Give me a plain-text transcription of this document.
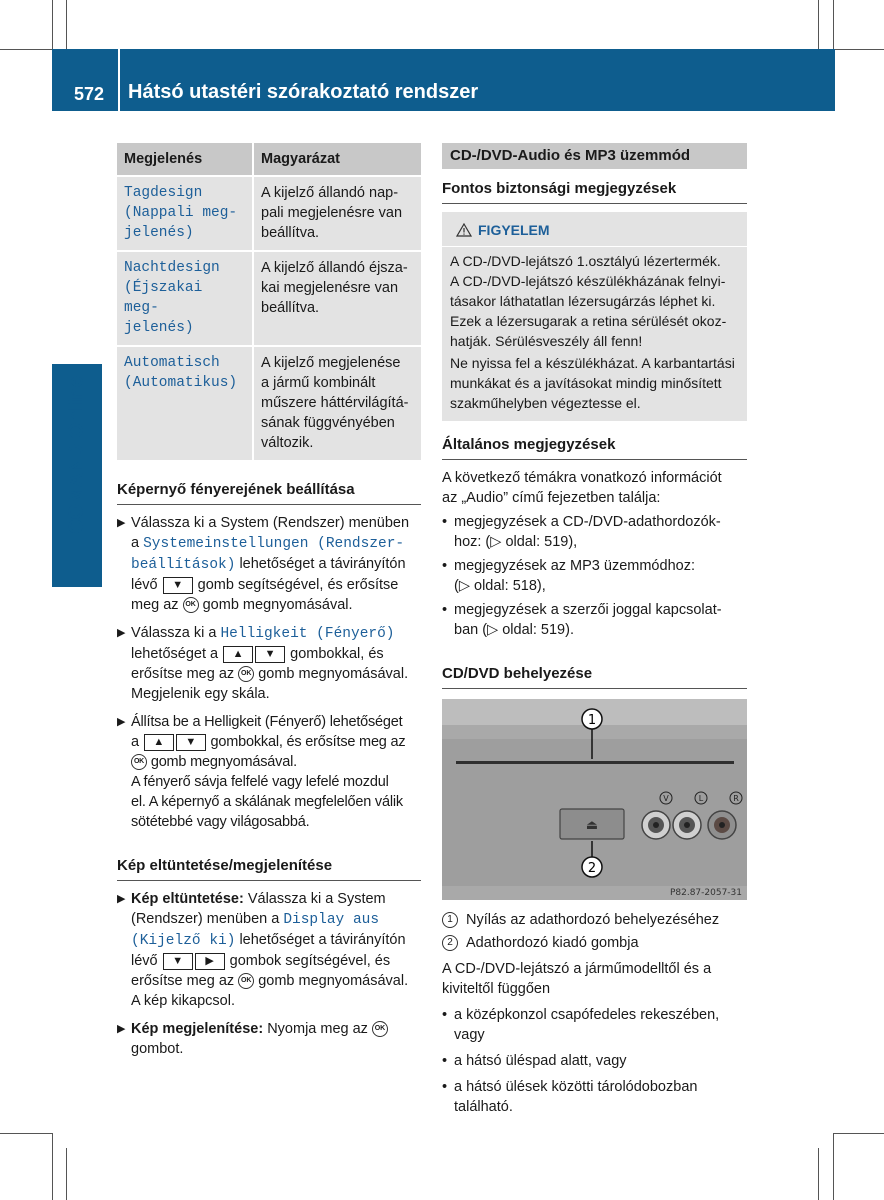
572 Hátsó utastéri szórakoztató rendszer
COMAND Online
Megjelenés	Magyarázat
Tagdesign
(Nappali meg-
jelenés)	A kijelző állandó nap-
pali megjelenésre van
beállítva.
Nachtdesign
(Éjszakai meg-
jelenés)	A kijelző állandó éjsza-
kai megjelenésre van
beállítva.
Automatisch
(Automatikus)	A kijelző megjelenése
a jármű kombinált
műszere háttérvilágítá-
sának függvényében
változik.
Képernyő fényerejének beállítása
▶ Válassza ki a System (Rendszer) menüben
a Systemeinstellungen (Rendszer-
beállítások) lehetőséget a távirányítón
lévő ▼ gomb segítségével, és erősítse
meg az OK gomb megnyomásával.
▶ Válassza ki a Helligkeit (Fényerő)
lehetőséget a ▲ ▼ gombokkal, és
erősítse meg az OK gomb megnyomásával.
Megjelenik egy skála.
▶ Állítsa be a Helligkeit (Fényerő) lehetőséget
a ▲ ▼ gombokkal, és erősítse meg az
OK gomb megnyomásával.
A fényerő sávja felfelé vagy lefelé mozdul
el. A képernyő a skálának megfelelően válik
sötétebbé vagy világosabbá.
Kép eltüntetése/megjelenítése
▶ Kép eltüntetése: Válassza ki a System
(Rendszer) menüben a Display aus
(Kijelző ki) lehetőséget a távirányítón
lévő ▼ ▶ gombok segítségével, és
erősítse meg az OK gomb megnyomásával.
A kép kikapcsol.
▶ Kép megjelenítése: Nyomja meg az OK
gombot.
CD-/DVD-Audio és MP3 üzemmód
Fontos biztonsági megjegyzések
FIGYELEM
A CD-/DVD-lejátszó 1.osztályú lézertermék.
A CD-/DVD-lejátszó készülékházának felnyi-
tásakor láthatatlan lézersugárzás léphet ki.
Ezek a lézersugarak a retina sérülését okoz-
hatják. Sérülésveszély áll fenn!
Ne nyissa fel a készülékházat. A karbantartási
munkákat és a javításokat mindig minősített
szakműhelyben végeztesse el.
Általános megjegyzések
A következő témákra vonatkozó információt
az „Audio” című fejezetben találja:
• megjegyzések a CD-/DVD-adathordozók-
hoz: (▷ oldal: 519),
• megjegyzések az MP3 üzemmódhoz:
(▷ oldal: 518),
• megjegyzések a szerzői joggal kapcsolat-
ban (▷ oldal: 519).
CD/DVD behelyezése
⏏
V	L	R
1
2
P82.87-2057-31
1 Nyílás az adathordozó behelyezéséhez
2 Adathordozó kiadó gombja
A CD-/DVD-lejátszó a járműmodelltől és a
kiviteltől függően
• a középkonzol csapófedeles rekeszében,
vagy
• a hátsó üléspad alatt, vagy
• a hátsó ülések közötti tárolódobozban
található.
